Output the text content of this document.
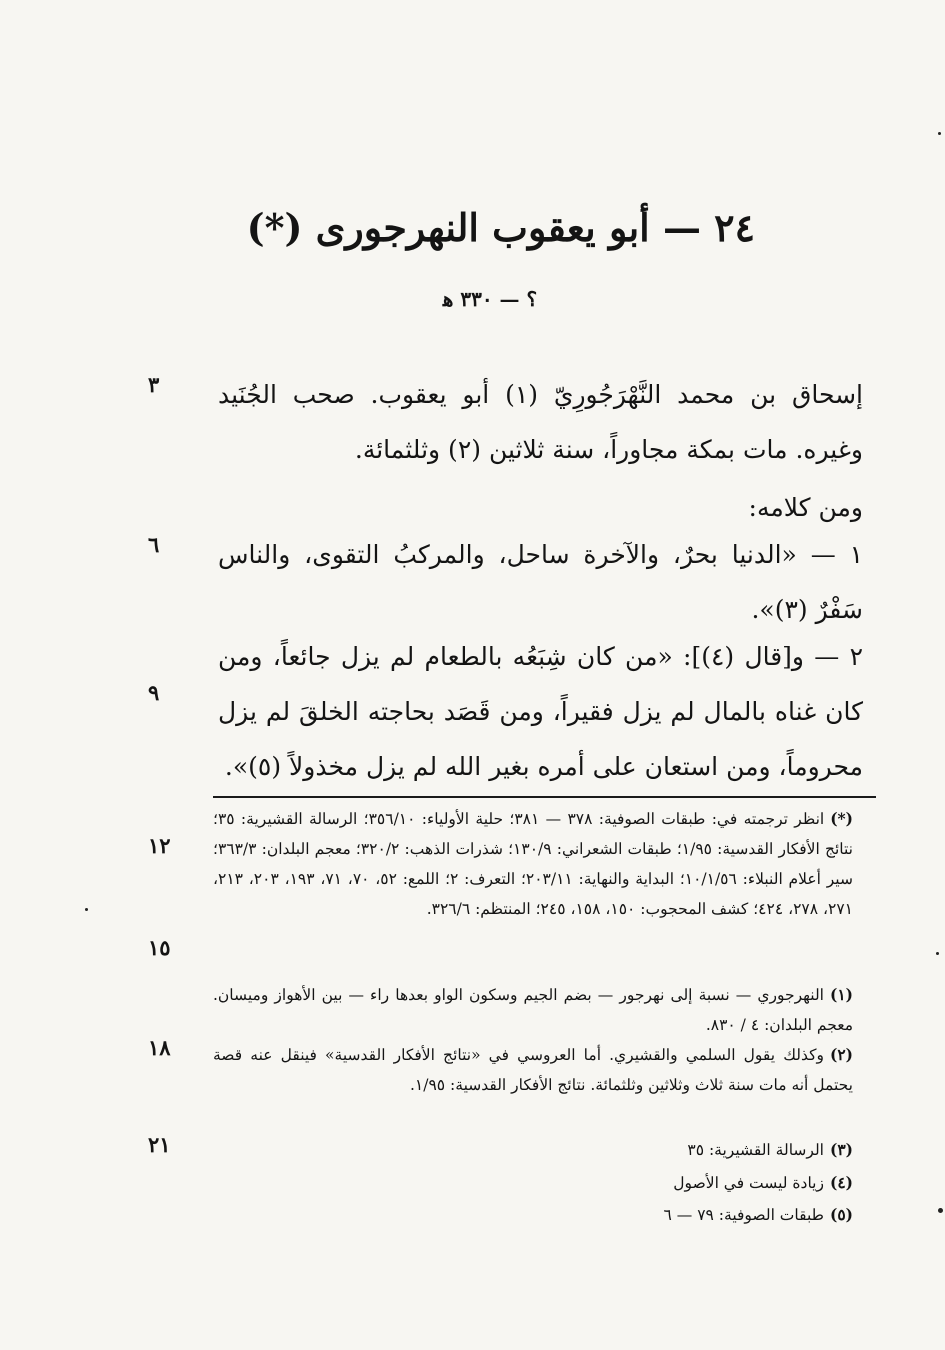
٢٤ — أبو يعقوب النهرجورى (*)
؟ — ٣٣٠ ﻫ
٣
٦
٩
١٢
١٥
١٨
٢١

إسحاق بن محمد النَّهْرَجُورِيّ (١) أبو يعقوب. صحب الجُنَيد وغيره. مات بمكة مجاوراً، سنة ثلاثين (٢) وثلثمائة.

ومن كلامه:

١ — «الدنيا بحرٌ، والآخرة ساحل، والمركبُ التقوى، والناس سَفْرٌ (٣)».

٢ — و[قال (٤)]: «من كان شِبَعُه بالطعام لم يزل جائعاً، ومن كان غناه بالمال لم يزل فقيراً، ومن قَصَد بحاجته الخلقَ لم يزل محروماً، ومن استعان على أمره بغير الله لم يزل مخذولاً (٥)».

(*)انظر ترجمته في: طبقات الصوفية: ٣٧٨ — ٣٨١؛ حلية الأولياء: ٣٥٦/١٠؛ الرسالة القشيرية: ٣٥؛ نتائج الأفكار القدسية: ١/٩٥؛ طبقات الشعراني: ١٣٠/٩؛ شذرات الذهب: ٣٢٠/٢؛ معجم البلدان: ٣٦٣/٣؛ سير أعلام النبلاء: ١٠/١/٥٦؛ البداية والنهاية: ٢٠٣/١١؛ التعرف: ٢؛ اللمع: ٥٢، ٧٠، ٧١، ١٩٣، ٢٠٣، ٢١٣، ٢٧١، ٢٧٨، ٤٢٤؛ كشف المحجوب: ١٥٠، ١٥٨، ٢٤٥؛ المنتظم: ٣٢٦/٦.

(١)النهرجوري — نسبة إلى نهرجور — بضم الجيم وسكون الواو بعدها راء — بين الأهواز وميسان. معجم البلدان: ٤ / ٨٣٠.

(٢)وكذلك يقول السلمي والقشيري. أما العروسي في «نتائج الأفكار القدسية» فينقل عنه قصة يحتمل أنه مات سنة ثلاث وثلاثين وثلثمائة. نتائج الأفكار القدسية: ١/٩٥.

(٣)الرسالة القشيرية: ٣٥

(٤)زيادة ليست في الأصول

(٥)طبقات الصوفية: ٧٩ — ٦
